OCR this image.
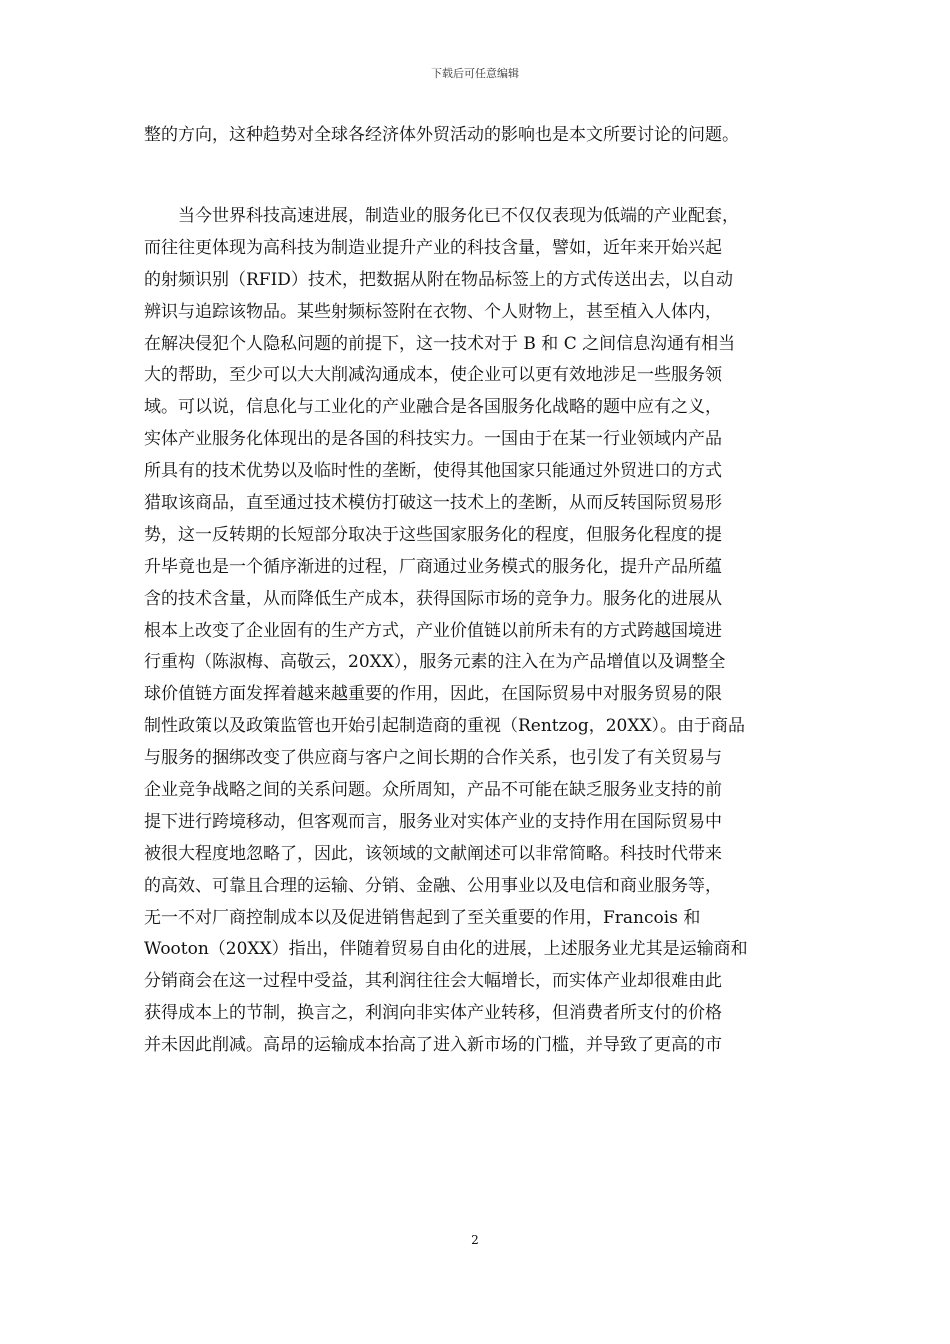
下载后可任意编辑
整的方向，这种趋势对全球各经济体外贸活动的影响也是本文所要讨论的问题。
　　当今世界科技高速进展，制造业的服务化已不仅仅表现为低端的产业配套，
而往往更体现为高科技为制造业提升产业的科技含量，譬如，近年来开始兴起
的射频识别（RFID）技术，把数据从附在物品标签上的方式传送出去，以自动
辨识与追踪该物品。某些射频标签附在衣物、个人财物上，甚至植入人体内，
在解决侵犯个人隐私问题的前提下，这一技术对于 B 和 C 之间信息沟通有相当
大的帮助，至少可以大大削减沟通成本，使企业可以更有效地涉足一些服务领
域。可以说，信息化与工业化的产业融合是各国服务化战略的题中应有之义，
实体产业服务化体现出的是各国的科技实力。一国由于在某一行业领域内产品
所具有的技术优势以及临时性的垄断，使得其他国家只能通过外贸进口的方式
猎取该商品，直至通过技术模仿打破这一技术上的垄断，从而反转国际贸易形
势，这一反转期的长短部分取决于这些国家服务化的程度，但服务化程度的提
升毕竟也是一个循序渐进的过程，厂商通过业务模式的服务化，提升产品所蕴
含的技术含量，从而降低生产成本，获得国际市场的竞争力。服务化的进展从
根本上改变了企业固有的生产方式，产业价值链以前所未有的方式跨越国境进
行重构（陈淑梅、高敬云，20XX），服务元素的注入在为产品增值以及调整全
球价值链方面发挥着越来越重要的作用，因此，在国际贸易中对服务贸易的限
制性政策以及政策监管也开始引起制造商的重视（Rentzog，20XX）。由于商品
与服务的捆绑改变了供应商与客户之间长期的合作关系，也引发了有关贸易与
企业竞争战略之间的关系问题。众所周知，产品不可能在缺乏服务业支持的前
提下进行跨境移动，但客观而言，服务业对实体产业的支持作用在国际贸易中
被很大程度地忽略了，因此，该领域的文献阐述可以非常简略。科技时代带来
的高效、可靠且合理的运输、分销、金融、公用事业以及电信和商业服务等，
无一不对厂商控制成本以及促进销售起到了至关重要的作用，Francois 和
Wooton（20XX）指出，伴随着贸易自由化的进展，上述服务业尤其是运输商和
分销商会在这一过程中受益，其利润往往会大幅增长，而实体产业却很难由此
获得成本上的节制，换言之，利润向非实体产业转移，但消费者所支付的价格
并未因此削减。高昂的运输成本抬高了进入新市场的门槛，并导致了更高的市
2
